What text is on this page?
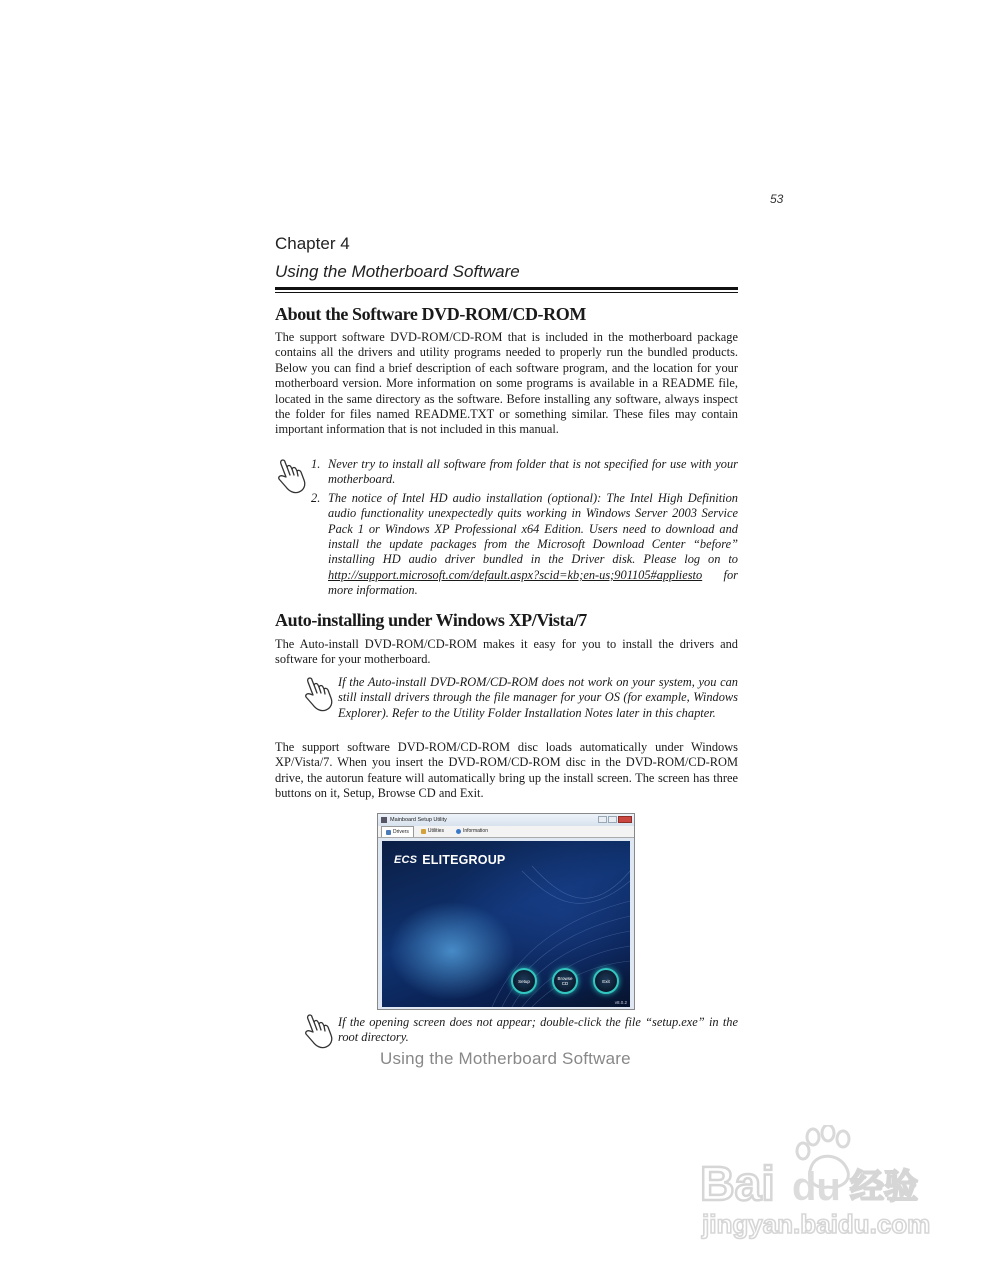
53
Chapter 4
Using the Motherboard Software
About the Software DVD-ROM/CD-ROM

The support software DVD-ROM/CD-ROM that is included in the motherboard package contains all the drivers and utility programs needed to properly run the bundled products. Below you can find a brief description of each software program, and the location for your motherboard version. More information on some programs is available in a README file, located in the same directory as the software. Before installing any software, always inspect the folder for files named README.TXT or something similar. These files may contain important information that is not included in this manual.

1. Never try to install all software from folder that is not specified for use with your motherboard.
2. The notice of Intel HD audio installation (optional): The Intel High Definition audio functionality unexpectedly quits working in Windows Server 2003 Service Pack 1 or Windows XP Professional x64 Edition. Users need to download and install the update packages from the Microsoft Download Center “before” installing HD audio driver bundled in the Driver disk. Please log on to http://support.microsoft.com/default.aspx?scid=kb;en-us;901105#appliesto for more information.
Auto-installing under Windows XP/Vista/7

The Auto-install DVD-ROM/CD-ROM makes it easy for you to install the drivers and software for your motherboard.

If the Auto-install DVD-ROM/CD-ROM does not work on your system, you can still install drivers through the file manager for your OS (for example, Windows Explorer). Refer to the Utility Folder Installation Notes later in this chapter.

The support software DVD-ROM/CD-ROM disc loads automatically under Windows XP/Vista/7. When you insert the DVD-ROM/CD-ROM disc in the DVD-ROM/CD-ROM drive, the autorun feature will automatically bring up the install screen. The screen has three buttons on it, Setup, Browse CD and Exit.

Mainboard Setup Utility
Drivers	Utilities	Information
ECS ELITEGROUP
Setup	Browse CD	Exit
v8.0.2

If the opening screen does not appear; double-click the file “setup.exe” in the root directory.

Using the Motherboard Software
Bai du 经验
jingyan.baidu.com
